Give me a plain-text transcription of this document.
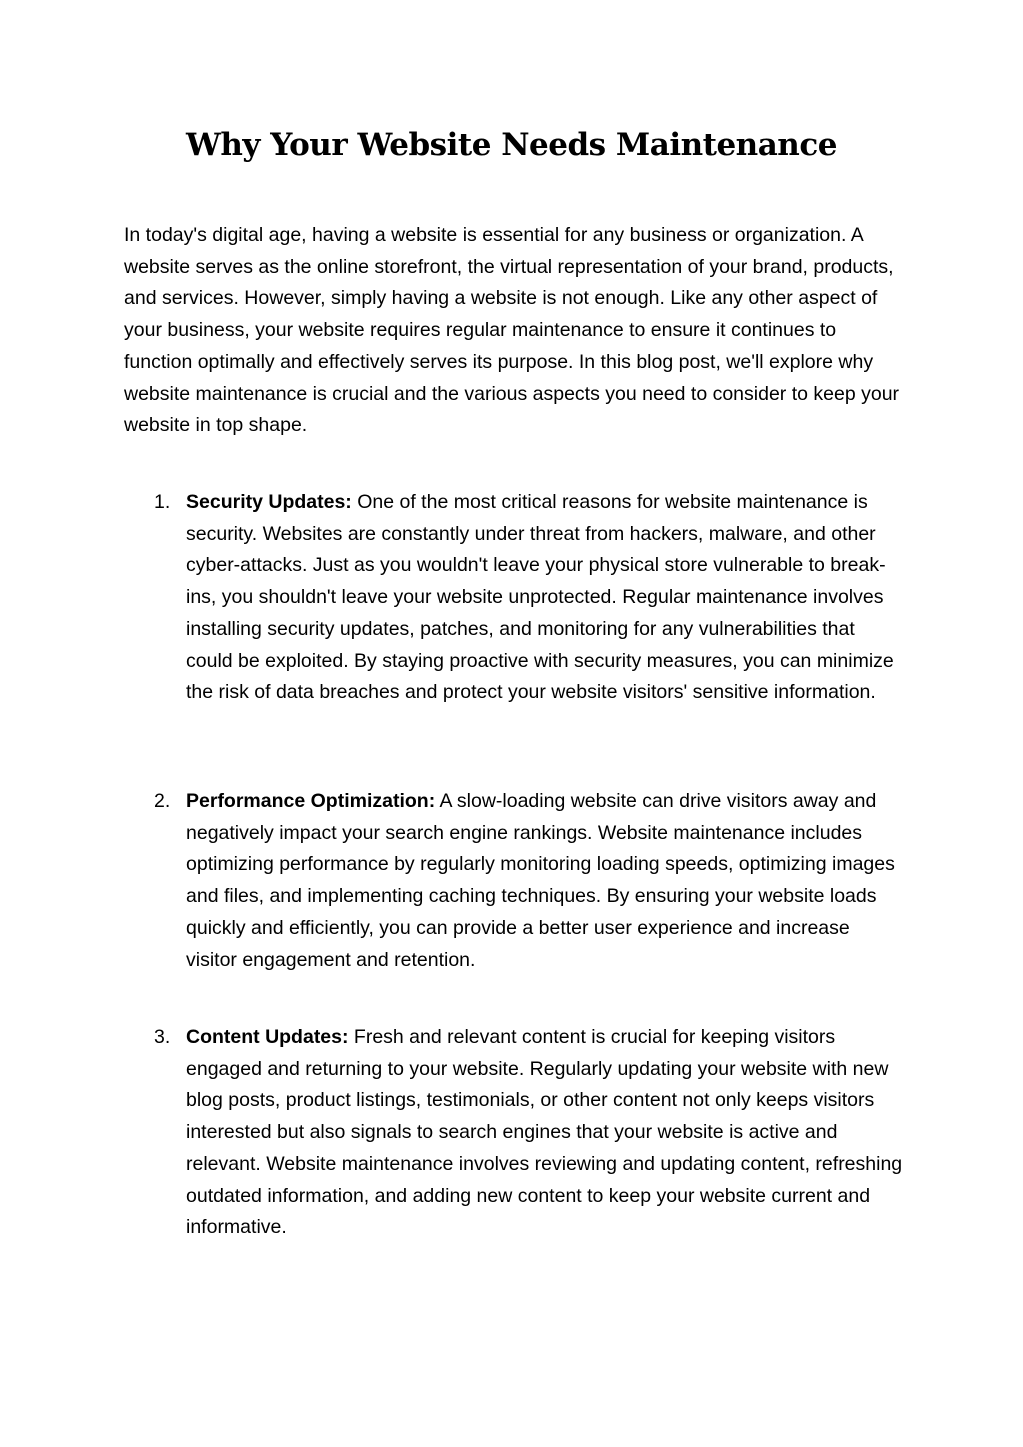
Why Your Website Needs Maintenance

In today's digital age, having a website is essential for any business or organization. A website serves as the online storefront, the virtual representation of your brand, products, and services. However, simply having a website is not enough. Like any other aspect of your business, your website requires regular maintenance to ensure it continues to function optimally and effectively serves its purpose. In this blog post, we'll explore why website maintenance is crucial and the various aspects you need to consider to keep your website in top shape.

1. Security Updates: One of the most critical reasons for website maintenance is security. Websites are constantly under threat from hackers, malware, and other cyber-attacks. Just as you wouldn't leave your physical store vulnerable to break-ins, you shouldn't leave your website unprotected. Regular maintenance involves installing security updates, patches, and monitoring for any vulnerabilities that could be exploited. By staying proactive with security measures, you can minimize the risk of data breaches and protect your website visitors' sensitive information.
2. Performance Optimization: A slow-loading website can drive visitors away and negatively impact your search engine rankings. Website maintenance includes optimizing performance by regularly monitoring loading speeds, optimizing images and files, and implementing caching techniques. By ensuring your website loads quickly and efficiently, you can provide a better user experience and increase visitor engagement and retention.
3. Content Updates: Fresh and relevant content is crucial for keeping visitors engaged and returning to your website. Regularly updating your website with new blog posts, product listings, testimonials, or other content not only keeps visitors interested but also signals to search engines that your website is active and relevant. Website maintenance involves reviewing and updating content, refreshing outdated information, and adding new content to keep your website current and informative.
